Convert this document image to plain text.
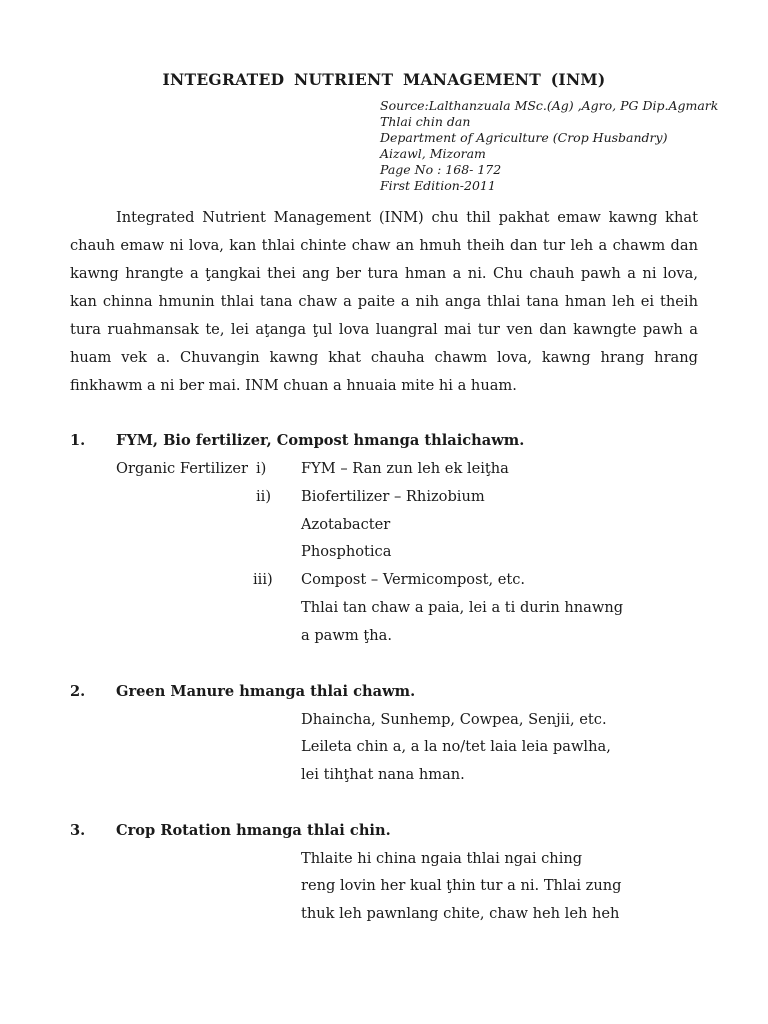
INTEGRATED NUTRIENT MANAGEMENT (INM)
Source:Lalthanzuala MSc.(Ag) ,Agro, PG Dip.Agmark
Thlai chin dan
Department of Agriculture (Crop Husbandry)
Aizawl, Mizoram
Page No : 168- 172
First Edition-2011
Integrated Nutrient Management (INM) chu thil pakhat emaw kawng khat chauh emaw ni lova, kan thlai chinte chaw an hmuh theih dan tur leh a chawm dan kawng hrangte a ţangkai thei ang ber tura hman a ni. Chu chauh pawh a ni lova, kan chinna hmunin thlai tana chaw a paite a nih anga thlai tana hman leh ei theih tura ruahmansak te, lei aţanga ţul lova luangral mai tur ven dan kawngte pawh a huam vek a. Chuvangin kawng khat chauha chawm lova, kawng hrang hrang finkhawm a ni ber mai. INM chuan a hnuaia mite hi a huam.
1. FYM, Bio fertilizer, Compost hmanga thlaichawm.
Organic Fertilizer i) FYM – Ran zun leh ek leiţha
ii) Biofertilizer – Rhizobium
Azotabacter
Phosphotica
iii) Compost – Vermicompost, etc.
Thlai tan chaw a paia, lei a ti durin hnawng
a pawm ţha.
2. Green Manure hmanga thlai chawm.
Dhaincha, Sunhemp, Cowpea, Senjii, etc.
Leileta chin a, a la no/tet laia leia pawlha,
lei tihţhat nana hman.
3. Crop Rotation hmanga thlai chin.
Thlaite hi china ngaia thlai ngai ching
reng lovin her kual ţhin tur a ni. Thlai zung
thuk leh pawnlang chite, chaw heh leh heh
